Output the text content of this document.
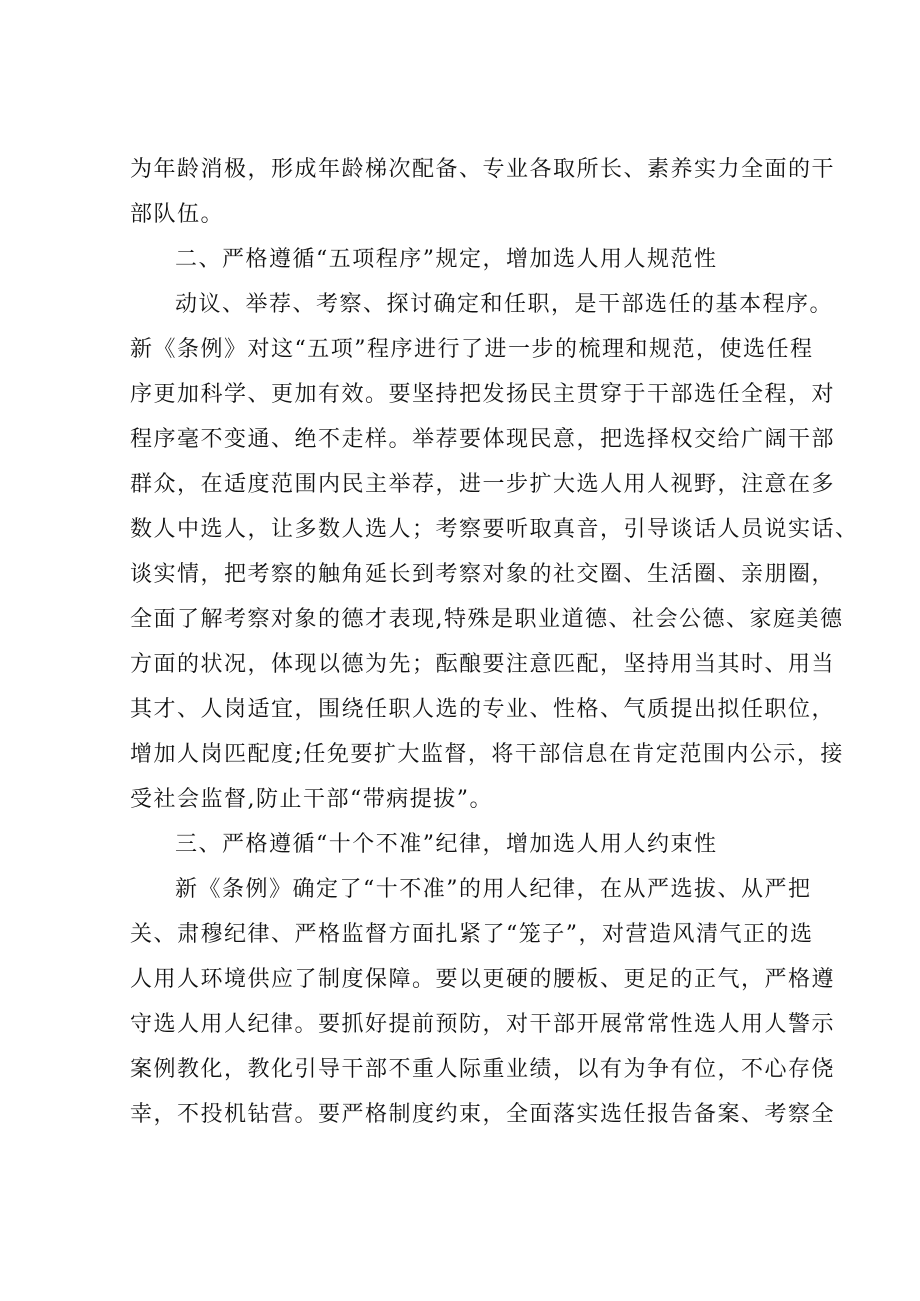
为年龄消极，形成年龄梯次配备、专业各取所长、素养实力全面的干
部队伍。
二、严格遵循“五项程序”规定，增加选人用人规范性
动议、举荐、考察、探讨确定和任职，是干部选任的基本程序。
新《条例》对这“五项”程序进行了进一步的梳理和规范，使选任程
序更加科学、更加有效。要坚持把发扬民主贯穿于干部选任全程，对
程序毫不变通、绝不走样。举荐要体现民意，把选择权交给广阔干部
群众，在适度范围内民主举荐，进一步扩大选人用人视野，注意在多
数人中选人，让多数人选人；考察要听取真音，引导谈话人员说实话、
谈实情，把考察的触角延长到考察对象的社交圈、生活圈、亲朋圈，
全面了解考察对象的德才表现,特殊是职业道德、社会公德、家庭美德
方面的状况，体现以德为先；酝酿要注意匹配，坚持用当其时、用当
其才、人岗适宜，围绕任职人选的专业、性格、气质提出拟任职位，
增加人岗匹配度;任免要扩大监督，将干部信息在肯定范围内公示，接
受社会监督,防止干部“带病提拔”。
三、严格遵循“十个不准”纪律，增加选人用人约束性
新《条例》确定了“十不准”的用人纪律，在从严选拔、从严把
关、肃穆纪律、严格监督方面扎紧了“笼子”，对营造风清气正的选
人用人环境供应了制度保障。要以更硬的腰板、更足的正气，严格遵
守选人用人纪律。要抓好提前预防，对干部开展常常性选人用人警示
案例教化，教化引导干部不重人际重业绩，以有为争有位，不心存侥
幸，不投机钻营。要严格制度约束，全面落实选任报告备案、考察全
